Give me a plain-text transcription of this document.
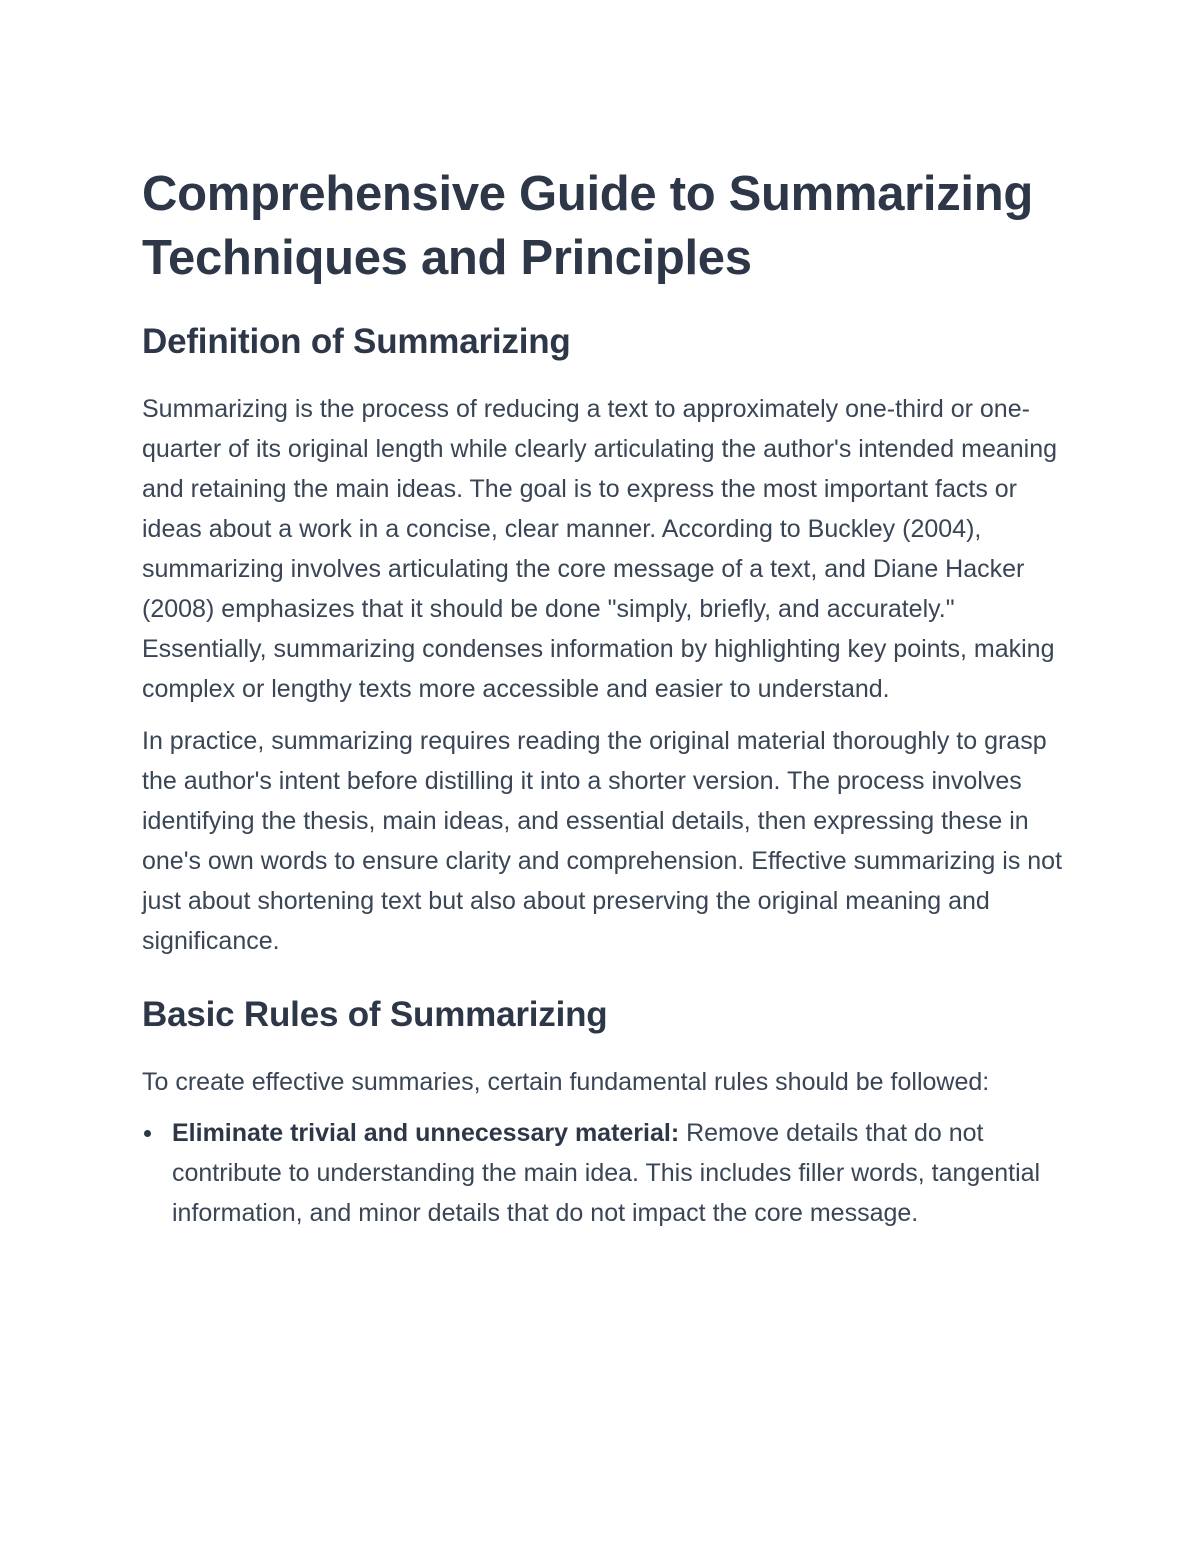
Comprehensive Guide to Summarizing Techniques and Principles
Definition of Summarizing

Summarizing is the process of reducing a text to approximately one-third or one-quarter of its original length while clearly articulating the author's intended meaning and retaining the main ideas. The goal is to express the most important facts or ideas about a work in a concise, clear manner. According to Buckley (2004), summarizing involves articulating the core message of a text, and Diane Hacker (2008) emphasizes that it should be done "simply, briefly, and accurately." Essentially, summarizing condenses information by highlighting key points, making complex or lengthy texts more accessible and easier to understand.

In practice, summarizing requires reading the original material thoroughly to grasp the author's intent before distilling it into a shorter version. The process involves identifying the thesis, main ideas, and essential details, then expressing these in one's own words to ensure clarity and comprehension. Effective summarizing is not just about shortening text but also about preserving the original meaning and significance.

Basic Rules of Summarizing

To create effective summaries, certain fundamental rules should be followed:

Eliminate trivial and unnecessary material: Remove details that do not contribute to understanding the main idea. This includes filler words, tangential information, and minor details that do not impact the core message.
